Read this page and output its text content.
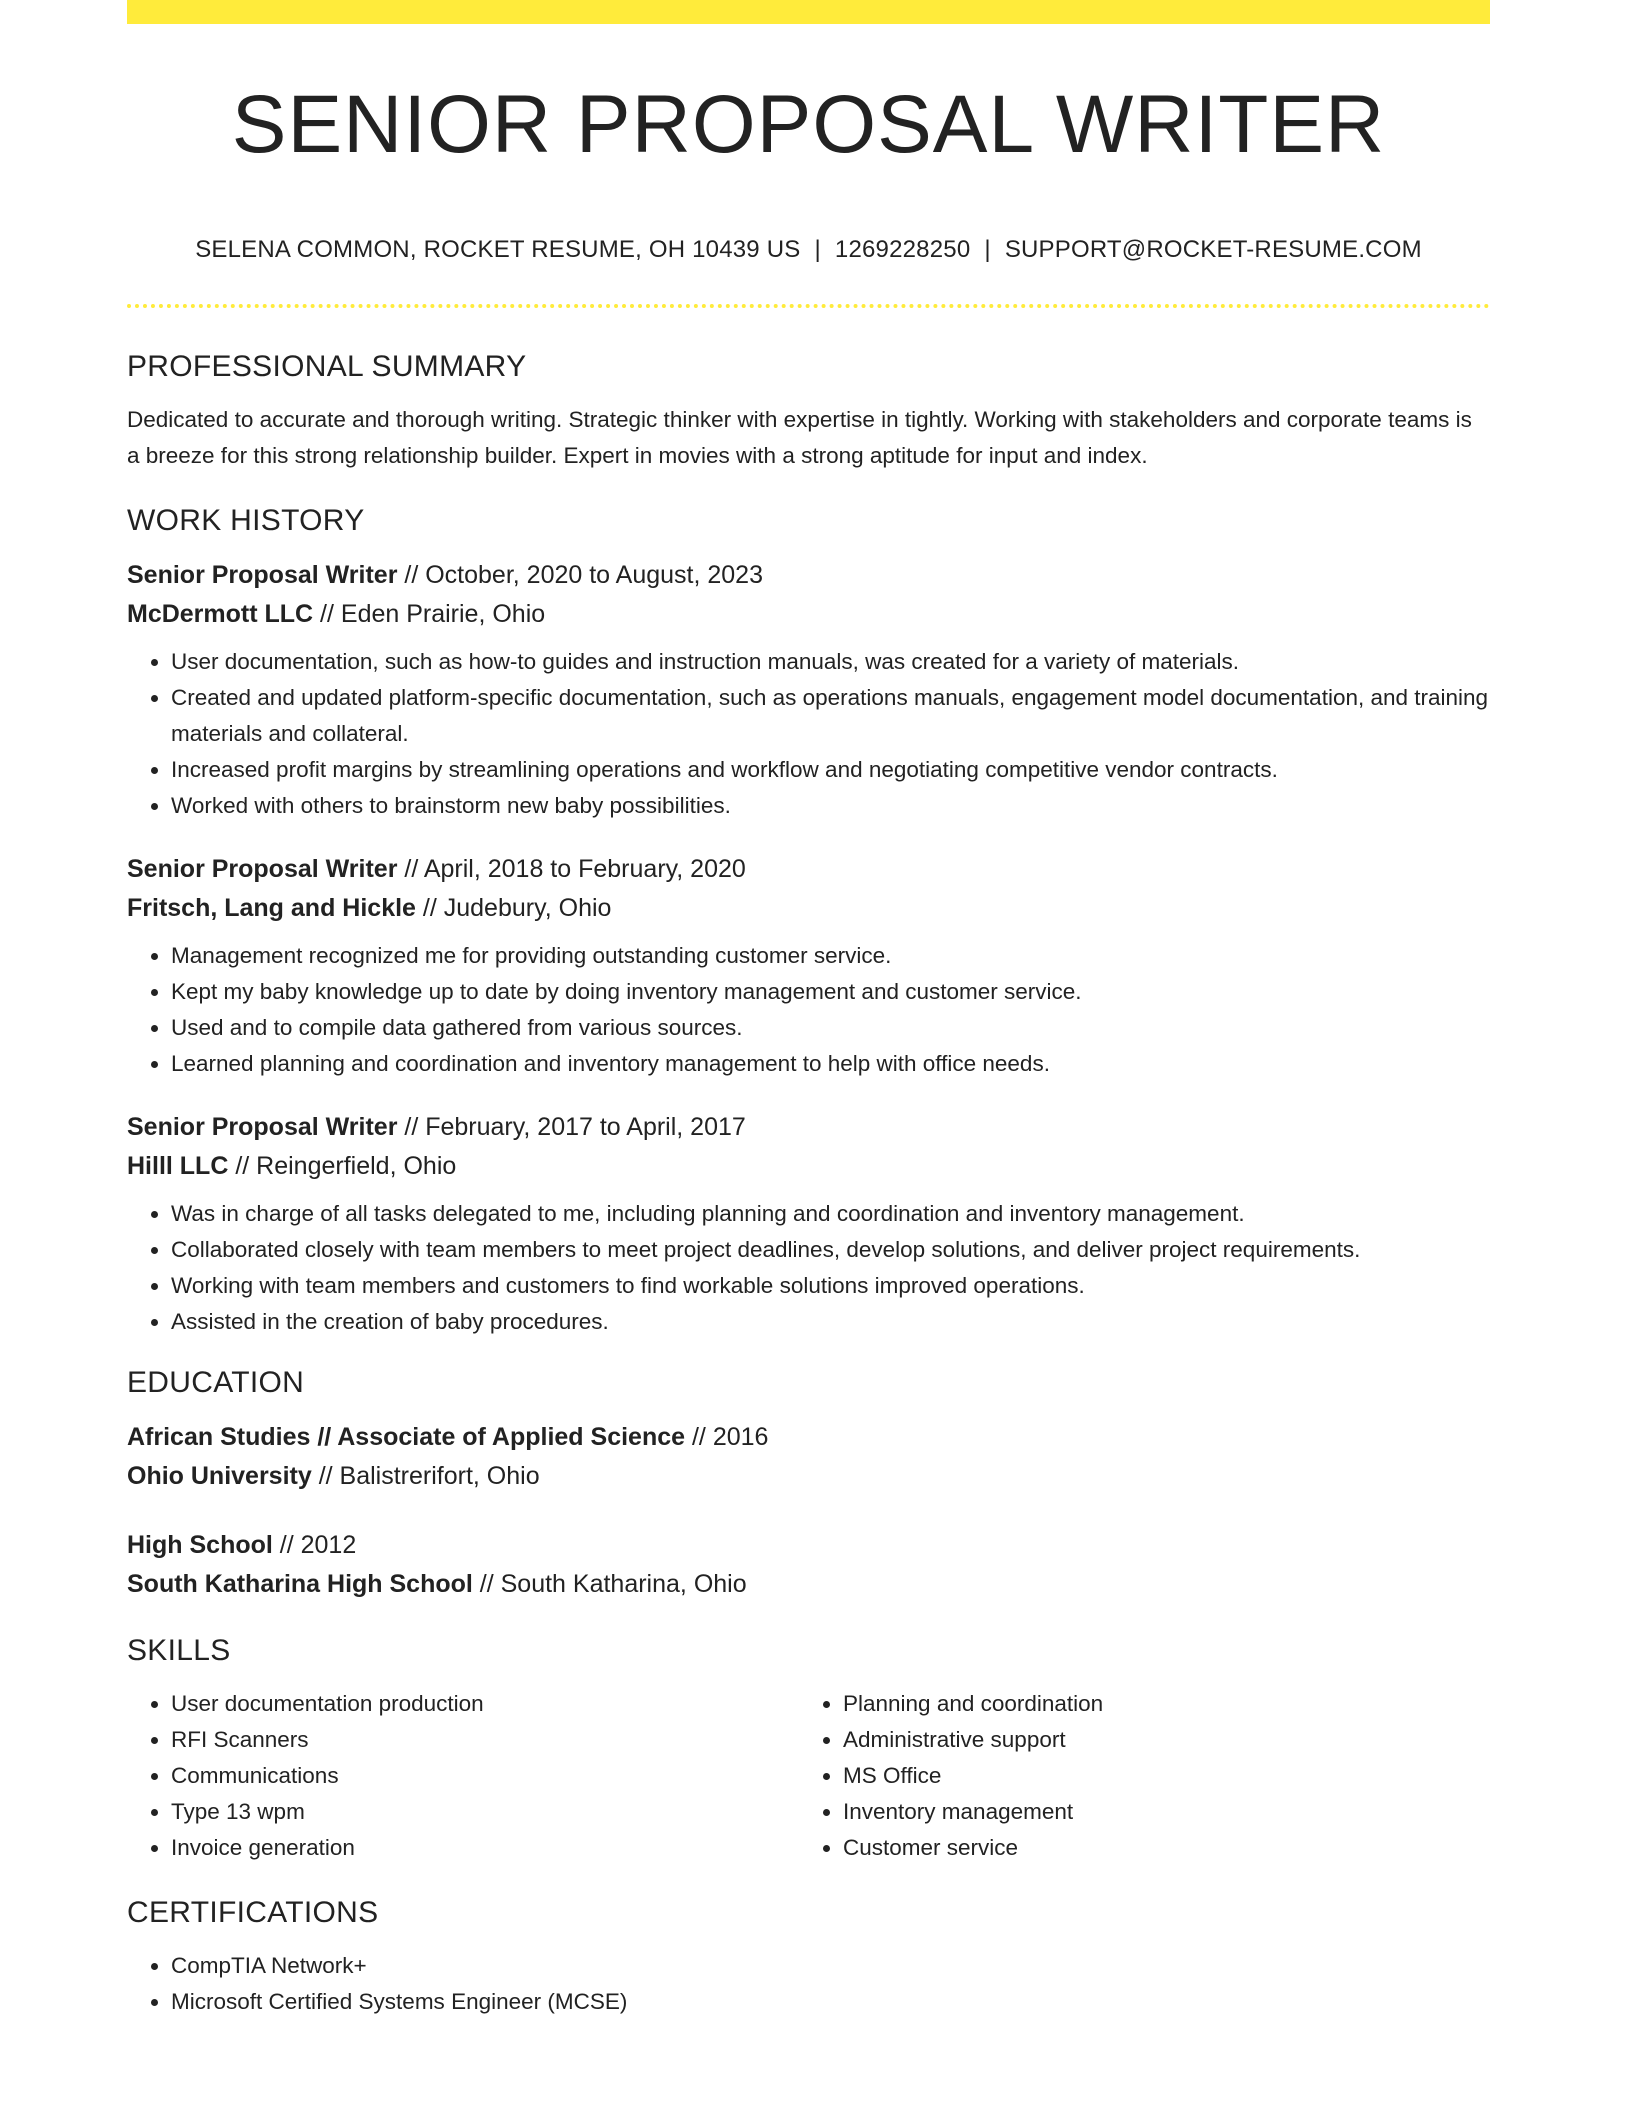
SENIOR PROPOSAL WRITER
SELENA COMMON, ROCKET RESUME, OH 10439 US | 1269228250 | SUPPORT@ROCKET-RESUME.COM
PROFESSIONAL SUMMARY

Dedicated to accurate and thorough writing. Strategic thinker with expertise in tightly. Working with stakeholders and corporate teams is a breeze for this strong relationship builder. Expert in movies with a strong aptitude for input and index.

WORK HISTORY
Senior Proposal Writer // October, 2020 to August, 2023
McDermott LLC // Eden Prairie, Ohio
• User documentation, such as how-to guides and instruction manuals, was created for a variety of materials.
• Created and updated platform-specific documentation, such as operations manuals, engagement model documentation, and training materials and collateral.
• Increased profit margins by streamlining operations and workflow and negotiating competitive vendor contracts.
• Worked with others to brainstorm new baby possibilities.
Senior Proposal Writer // April, 2018 to February, 2020
Fritsch, Lang and Hickle // Judebury, Ohio
• Management recognized me for providing outstanding customer service.
• Kept my baby knowledge up to date by doing inventory management and customer service.
• Used and to compile data gathered from various sources.
• Learned planning and coordination and inventory management to help with office needs.
Senior Proposal Writer // February, 2017 to April, 2017
Hilll LLC // Reingerfield, Ohio
• Was in charge of all tasks delegated to me, including planning and coordination and inventory management.
• Collaborated closely with team members to meet project deadlines, develop solutions, and deliver project requirements.
• Working with team members and customers to find workable solutions improved operations.
• Assisted in the creation of baby procedures.
EDUCATION
African Studies // Associate of Applied Science // 2016
Ohio University // Balistrerifort, Ohio
High School // 2012
South Katharina High School // South Katharina, Ohio
SKILLS
• User documentation production
• RFI Scanners
• Communications
• Type 13 wpm
• Invoice generation
• Planning and coordination
• Administrative support
• MS Office
• Inventory management
• Customer service
CERTIFICATIONS
• CompTIA Network+
• Microsoft Certified Systems Engineer (MCSE)
